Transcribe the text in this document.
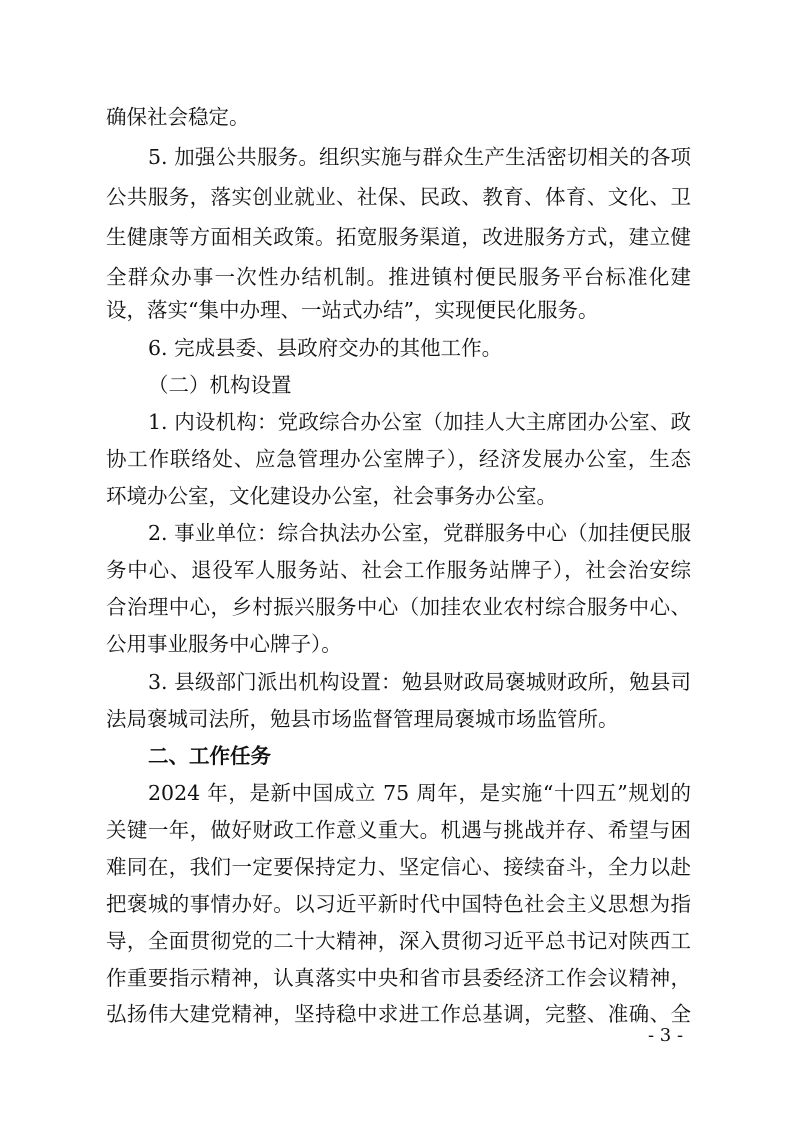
确保社会稳定。
5. 加强公共服务。组织实施与群众生产生活密切相关的各项
公共服务，落实创业就业、社保、民政、教育、体育、文化、卫
生健康等方面相关政策。拓宽服务渠道，改进服务方式，建立健
全群众办事一次性办结机制。推进镇村便民服务平台标准化建
设，落实“集中办理、一站式办结”，实现便民化服务。
6. 完成县委、县政府交办的其他工作。
（二）机构设置
1. 内设机构：党政综合办公室（加挂人大主席团办公室、政
协工作联络处、应急管理办公室牌子），经济发展办公室，生态
环境办公室，文化建设办公室，社会事务办公室。
2. 事业单位：综合执法办公室，党群服务中心（加挂便民服
务中心、退役军人服务站、社会工作服务站牌子），社会治安综
合治理中心，乡村振兴服务中心（加挂农业农村综合服务中心、
公用事业服务中心牌子）。
3. 县级部门派出机构设置：勉县财政局褒城财政所，勉县司
法局褒城司法所，勉县市场监督管理局褒城市场监管所。
二、工作任务
2024 年，是新中国成立 75 周年，是实施“十四五”规划的
关键一年，做好财政工作意义重大。机遇与挑战并存、希望与困
难同在，我们一定要保持定力、坚定信心、接续奋斗，全力以赴
把褒城的事情办好。以习近平新时代中国特色社会主义思想为指
导，全面贯彻党的二十大精神，深入贯彻习近平总书记对陕西工
作重要指示精神，认真落实中央和省市县委经济工作会议精神，
弘扬伟大建党精神，坚持稳中求进工作总基调，完整、准确、全
- 3 -
